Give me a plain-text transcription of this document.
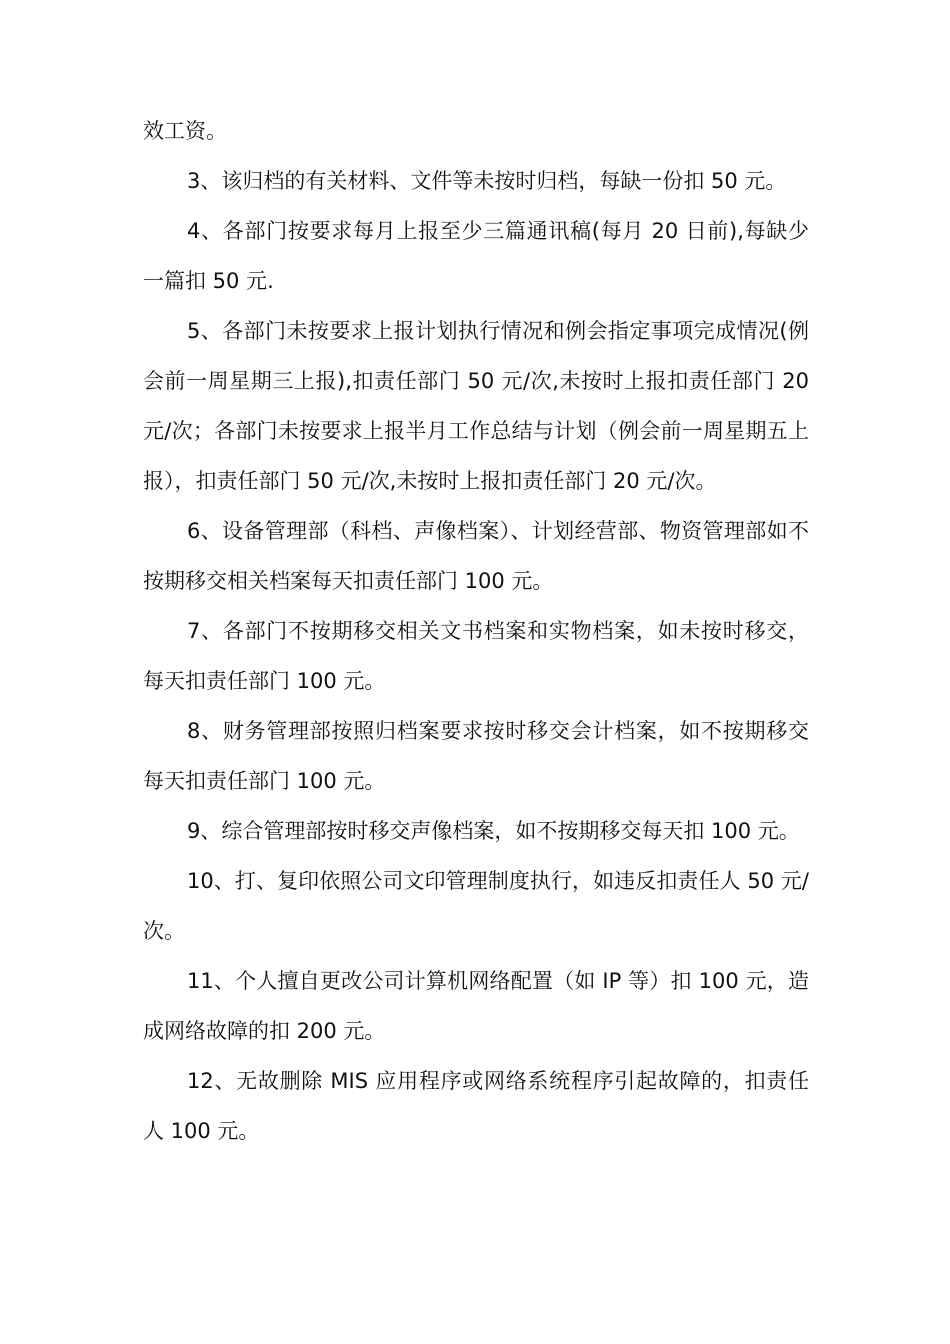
效工资。

3、该归档的有关材料、文件等未按时归档，每缺一份扣 50 元。

4、各部门按要求每月上报至少三篇通讯稿(每月 20 日前),每缺少一篇扣 50 元.

5、各部门未按要求上报计划执行情况和例会指定事项完成情况(例会前一周星期三上报),扣责任部门 50 元/次,未按时上报扣责任部门 20 元/次；各部门未按要求上报半月工作总结与计划（例会前一周星期五上报），扣责任部门 50 元/次,未按时上报扣责任部门 20 元/次。

6、设备管理部（科档、声像档案）、计划经营部、物资管理部如不按期移交相关档案每天扣责任部门 100 元。

7、各部门不按期移交相关文书档案和实物档案，如未按时移交，每天扣责任部门 100 元。

8、财务管理部按照归档案要求按时移交会计档案，如不按期移交每天扣责任部门 100 元。

9、综合管理部按时移交声像档案，如不按期移交每天扣 100 元。

10、打、复印依照公司文印管理制度执行，如违反扣责任人 50 元/次。

11、个人擅自更改公司计算机网络配置（如 IP 等）扣 100 元，造成网络故障的扣 200 元。

12、无故删除 MIS 应用程序或网络系统程序引起故障的，扣责任人 100 元。
